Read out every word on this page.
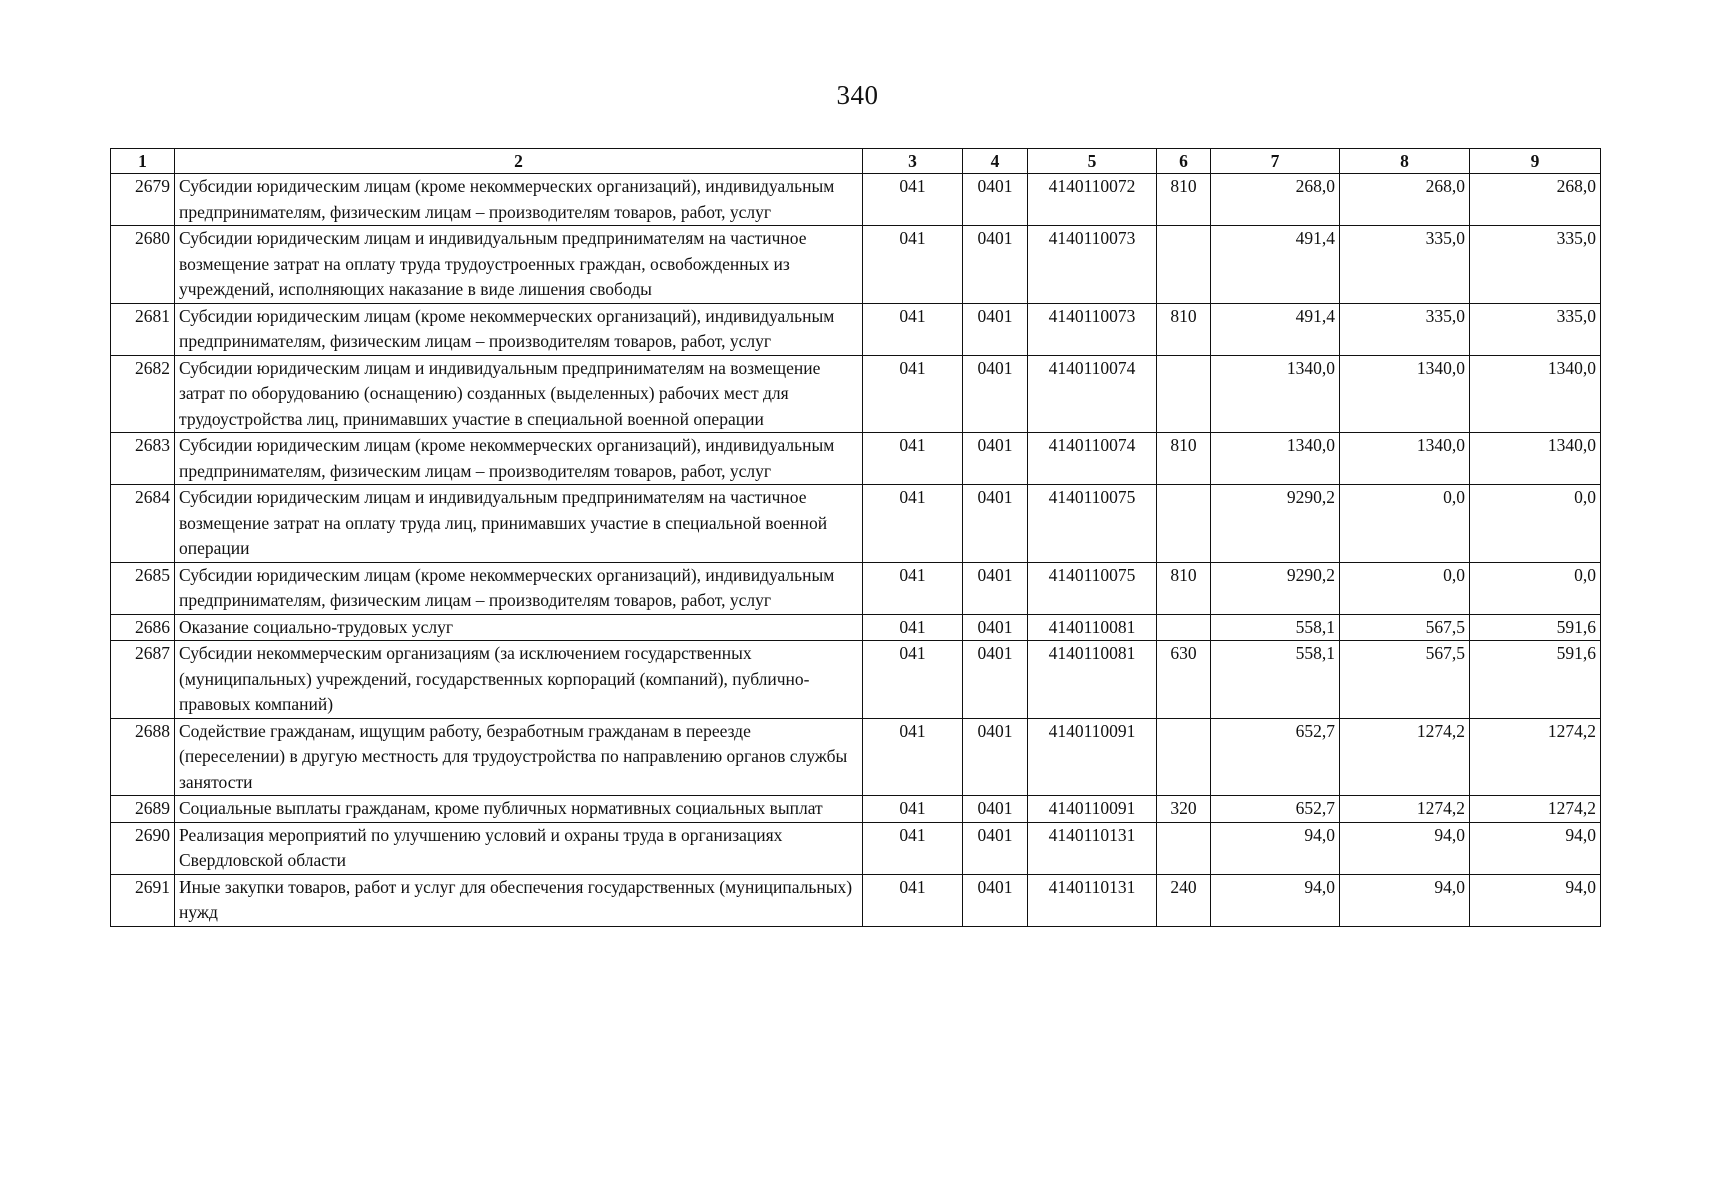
340
1	2	3	4	5	6	7	8	9
2679	Субсидии юридическим лицам (кроме некоммерческих организаций), индивидуальным предпринимателям, физическим лицам – производителям товаров, работ, услуг	041	0401	4140110072	810	268,0	268,0	268,0
2680	Субсидии юридическим лицам и индивидуальным предпринимателям на частичное возмещение затрат на оплату труда трудоустроенных граждан, освобожденных из учреждений, исполняющих наказание в виде лишения свободы	041	0401	4140110073		491,4	335,0	335,0
2681	Субсидии юридическим лицам (кроме некоммерческих организаций), индивидуальным предпринимателям, физическим лицам – производителям товаров, работ, услуг	041	0401	4140110073	810	491,4	335,0	335,0
2682	Субсидии юридическим лицам и индивидуальным предпринимателям на возмещение затрат по оборудованию (оснащению) созданных (выделенных) рабочих мест для трудоустройства лиц, принимавших участие в специальной военной операции	041	0401	4140110074		1340,0	1340,0	1340,0
2683	Субсидии юридическим лицам (кроме некоммерческих организаций), индивидуальным предпринимателям, физическим лицам – производителям товаров, работ, услуг	041	0401	4140110074	810	1340,0	1340,0	1340,0
2684	Субсидии юридическим лицам и индивидуальным предпринимателям на частичное возмещение затрат на оплату труда лиц, принимавших участие в специальной военной операции	041	0401	4140110075		9290,2	0,0	0,0
2685	Субсидии юридическим лицам (кроме некоммерческих организаций), индивидуальным предпринимателям, физическим лицам – производителям товаров, работ, услуг	041	0401	4140110075	810	9290,2	0,0	0,0
2686	Оказание социально-трудовых услуг	041	0401	4140110081		558,1	567,5	591,6
2687	Субсидии некоммерческим организациям (за исключением государственных (муниципальных) учреждений, государственных корпораций (компаний), публично-правовых компаний)	041	0401	4140110081	630	558,1	567,5	591,6
2688	Содействие гражданам, ищущим работу, безработным гражданам в переезде (переселении) в другую местность для трудоустройства по направлению органов службы занятости	041	0401	4140110091		652,7	1274,2	1274,2
2689	Социальные выплаты гражданам, кроме публичных нормативных социальных выплат	041	0401	4140110091	320	652,7	1274,2	1274,2
2690	Реализация мероприятий по улучшению условий и охраны труда в организациях Свердловской области	041	0401	4140110131		94,0	94,0	94,0
2691	Иные закупки товаров, работ и услуг для обеспечения государственных (муниципальных) нужд	041	0401	4140110131	240	94,0	94,0	94,0
